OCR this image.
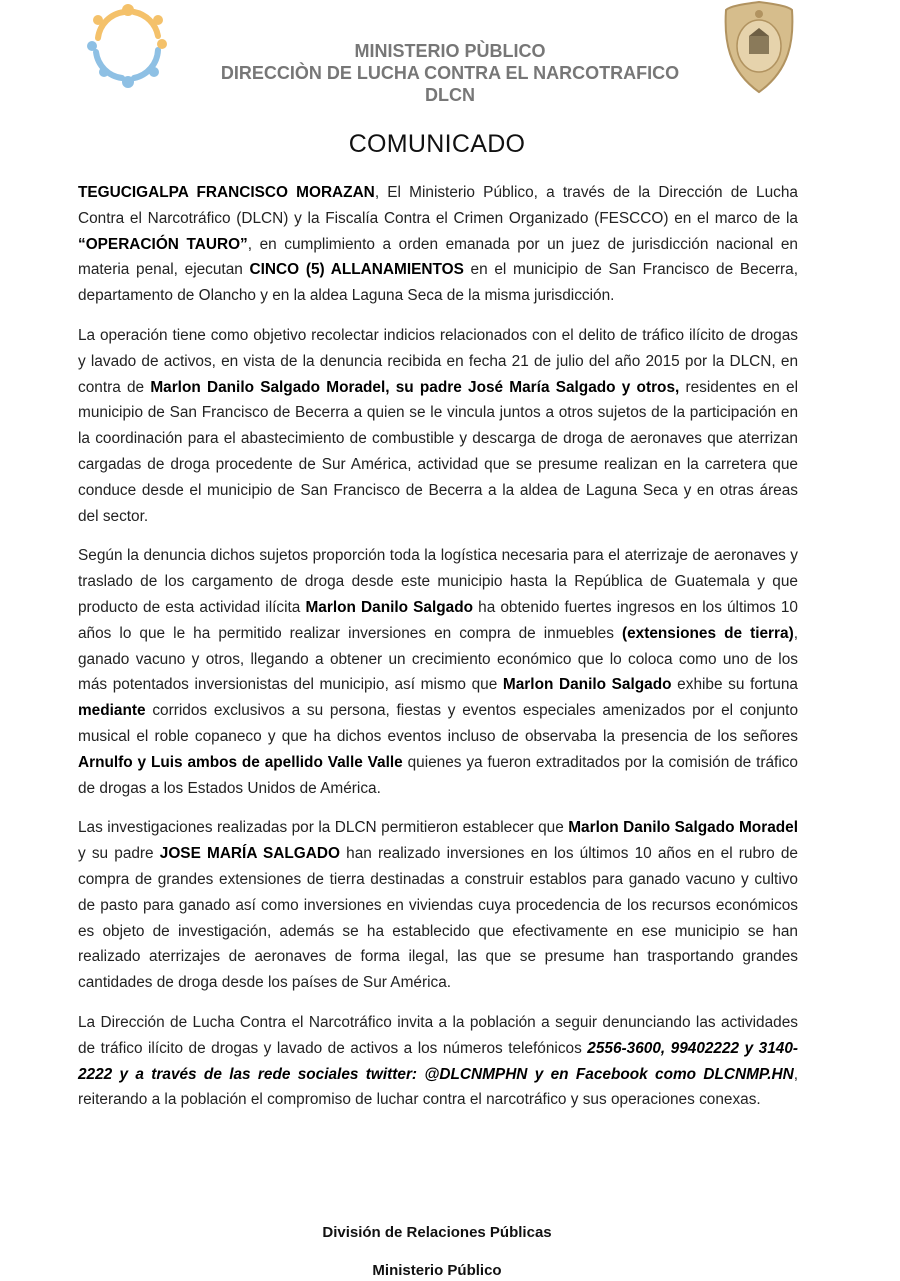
MINISTERIO PÙBLICO
DIRECCIÒN DE LUCHA CONTRA EL NARCOTRAFICO
DLCN
COMUNICADO

TEGUCIGALPA FRANCISCO MORAZAN, El Ministerio Público, a través de la Dirección de Lucha Contra el Narcotráfico (DLCN) y la Fiscalía Contra el Crimen Organizado (FESCCO) en el marco de la “OPERACIÓN TAURO”, en cumplimiento a orden emanada por un juez de jurisdicción nacional en materia penal, ejecutan CINCO (5) ALLANAMIENTOS en el municipio de San Francisco de Becerra, departamento de Olancho y en la aldea Laguna Seca de la misma jurisdicción.

La operación tiene como objetivo recolectar indicios relacionados con el delito de tráfico ilícito de drogas y lavado de activos, en vista de la denuncia recibida en fecha 21 de julio del año 2015 por la DLCN, en contra de Marlon Danilo Salgado Moradel, su padre José María Salgado y otros, residentes en el municipio de San Francisco de Becerra a quien se le vincula juntos a otros sujetos de la participación en la coordinación para el abastecimiento de combustible y descarga de droga de aeronaves que aterrizan cargadas de droga procedente de Sur América, actividad que se presume realizan en la carretera que conduce desde el municipio de San Francisco de Becerra a la aldea de Laguna Seca y en otras áreas del sector.

Según la denuncia dichos sujetos proporción toda la logística necesaria para el aterrizaje de aeronaves y traslado de los cargamento de droga desde este municipio hasta la República de Guatemala y que producto de esta actividad ilícita Marlon Danilo Salgado ha obtenido fuertes ingresos en los últimos 10 años lo que le ha permitido realizar inversiones en compra de inmuebles (extensiones de tierra), ganado vacuno y otros, llegando a obtener un crecimiento económico que lo coloca como uno de los más potentados inversionistas del municipio, así mismo que Marlon Danilo Salgado exhibe su fortuna mediante corridos exclusivos a su persona, fiestas y eventos especiales amenizados por el conjunto musical el roble copaneco y que ha dichos eventos incluso de observaba la presencia de los señores Arnulfo y Luis ambos de apellido Valle Valle quienes ya fueron extraditados por la comisión de tráfico de drogas a los Estados Unidos de América.

Las investigaciones realizadas por la DLCN permitieron establecer que Marlon Danilo Salgado Moradel y su padre JOSE MARÍA SALGADO han realizado inversiones en los últimos 10 años en el rubro de compra de grandes extensiones de tierra destinadas a construir establos para ganado vacuno y cultivo de pasto para ganado así como inversiones en viviendas cuya procedencia de los recursos económicos es objeto de investigación, además se ha establecido que efectivamente en ese municipio se han realizado aterrizajes de aeronaves de forma ilegal, las que se presume han trasportando grandes cantidades de droga desde los países de Sur América.

La Dirección de Lucha Contra el Narcotráfico invita a la población a seguir denunciando las actividades de tráfico ilícito de drogas y lavado de activos a los números telefónicos 2556-3600, 99402222 y 3140-2222 y a través de las rede sociales twitter: @DLCNMPHN y en Facebook como DLCNMP.HN, reiterando a la población el compromiso de luchar contra el narcotráfico y sus operaciones conexas.

División de Relaciones Públicas
Ministerio Público
